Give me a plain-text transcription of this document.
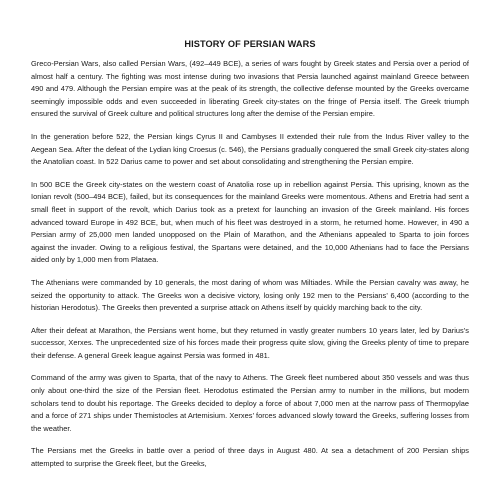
HISTORY OF PERSIAN WARS

Greco-Persian Wars, also called Persian Wars, (492–449 BCE), a series of wars fought by Greek states and Persia over a period of almost half a century. The fighting was most intense during two invasions that Persia launched against mainland Greece between 490 and 479. Although the Persian empire was at the peak of its strength, the collective defense mounted by the Greeks overcame seemingly impossible odds and even succeeded in liberating Greek city-states on the fringe of Persia itself. The Greek triumph ensured the survival of Greek culture and political structures long after the demise of the Persian empire.

In the generation before 522, the Persian kings Cyrus II and Cambyses II extended their rule from the Indus River valley to the Aegean Sea. After the defeat of the Lydian king Croesus (c. 546), the Persians gradually conquered the small Greek city-states along the Anatolian coast. In 522 Darius came to power and set about consolidating and strengthening the Persian empire.

In 500 BCE the Greek city-states on the western coast of Anatolia rose up in rebellion against Persia. This uprising, known as the Ionian revolt (500–494 BCE), failed, but its consequences for the mainland Greeks were momentous. Athens and Eretria had sent a small fleet in support of the revolt, which Darius took as a pretext for launching an invasion of the Greek mainland. His forces advanced toward Europe in 492 BCE, but, when much of his fleet was destroyed in a storm, he returned home. However, in 490 a Persian army of 25,000 men landed unopposed on the Plain of Marathon, and the Athenians appealed to Sparta to join forces against the invader. Owing to a religious festival, the Spartans were detained, and the 10,000 Athenians had to face the Persians aided only by 1,000 men from Plataea.

The Athenians were commanded by 10 generals, the most daring of whom was Miltiades. While the Persian cavalry was away, he seized the opportunity to attack. The Greeks won a decisive victory, losing only 192 men to the Persians’ 6,400 (according to the historian Herodotus). The Greeks then prevented a surprise attack on Athens itself by quickly marching back to the city.

After their defeat at Marathon, the Persians went home, but they returned in vastly greater numbers 10 years later, led by Darius’s successor, Xerxes. The unprecedented size of his forces made their progress quite slow, giving the Greeks plenty of time to prepare their defense. A general Greek league against Persia was formed in 481.

Command of the army was given to Sparta, that of the navy to Athens. The Greek fleet numbered about 350 vessels and was thus only about one-third the size of the Persian fleet. Herodotus estimated the Persian army to number in the millions, but modern scholars tend to doubt his reportage. The Greeks decided to deploy a force of about 7,000 men at the narrow pass of Thermopylae and a force of 271 ships under Themistocles at Artemisium. Xerxes’ forces advanced slowly toward the Greeks, suffering losses from the weather.

The Persians met the Greeks in battle over a period of three days in August 480. At sea a detachment of 200 Persian ships attempted to surprise the Greek fleet, but the Greeks,
